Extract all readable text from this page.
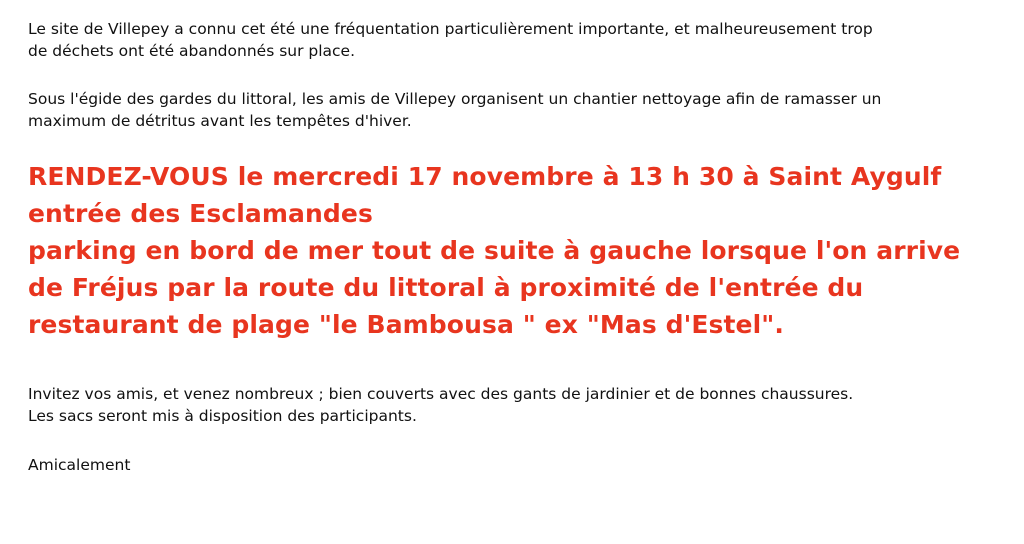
Le site de Villepey a connu cet été une fréquentation particulièrement importante, et malheureusement trop
de déchets ont été abandonnés sur place.

Sous l'égide des gardes du littoral, les amis de Villepey organisent un chantier nettoyage afin de ramasser un
maximum de détritus avant les tempêtes d'hiver.

RENDEZ-VOUS le mercredi 17 novembre à 13 h 30 à Saint Aygulf
entrée des Esclamandes
parking en bord de mer tout de suite à gauche lorsque l'on arrive
de Fréjus par la route du littoral à proximité de l'entrée du
restaurant de plage "le Bambousa " ex "Mas d'Estel".

Invitez vos amis, et venez nombreux ; bien couverts avec des gants de jardinier et de bonnes chaussures.
Les sacs seront mis à disposition des participants.

Amicalement
